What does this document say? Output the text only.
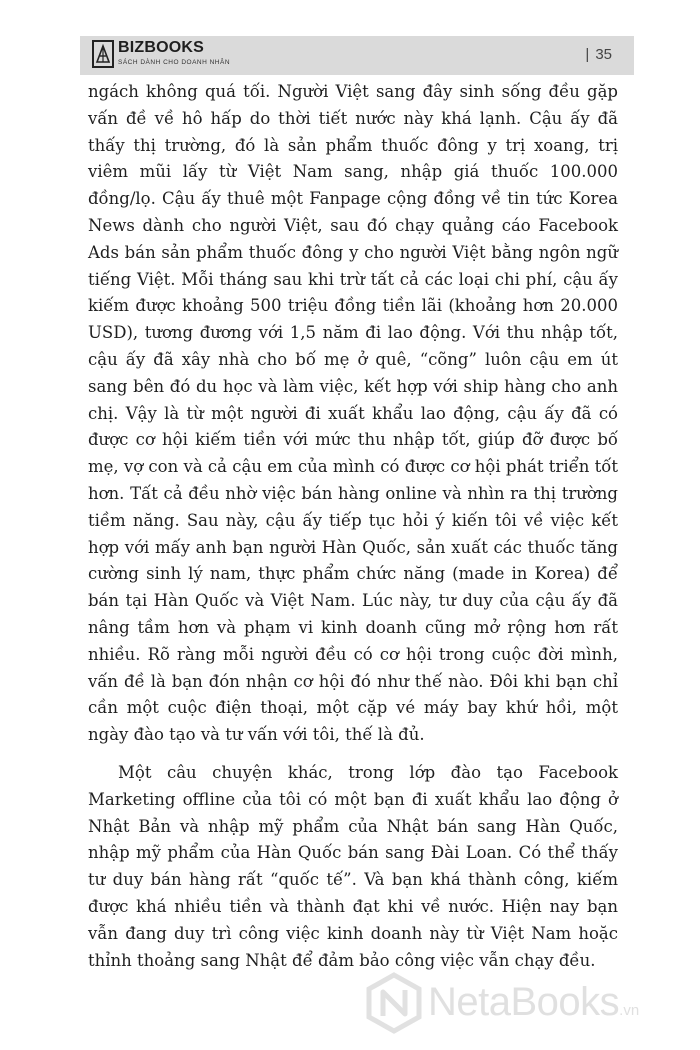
BIZBOOKS
SÁCH DÀNH CHO DOANH NHÂN	| 35

ngách không quá tối. Người Việt sang đây sinh sống đều gặp vấn đề về hô hấp do thời tiết nước này khá lạnh. Cậu ấy đã thấy thị trường, đó là sản phẩm thuốc đông y trị xoang, trị viêm mũi lấy từ Việt Nam sang, nhập giá thuốc 100.000 đồng/lọ. Cậu ấy thuê một Fanpage cộng đồng về tin tức Korea News dành cho người Việt, sau đó chạy quảng cáo Facebook Ads bán sản phẩm thuốc đông y cho người Việt bằng ngôn ngữ tiếng Việt. Mỗi tháng sau khi trừ tất cả các loại chi phí, cậu ấy kiếm được khoảng 500 triệu đồng tiền lãi (khoảng hơn 20.000 USD), tương đương với 1,5 năm đi lao động. Với thu nhập tốt, cậu ấy đã xây nhà cho bố mẹ ở quê, “cõng” luôn cậu em út sang bên đó du học và làm việc, kết hợp với ship hàng cho anh chị. Vậy là từ một người đi xuất khẩu lao động, cậu ấy đã có được cơ hội kiếm tiền với mức thu nhập tốt, giúp đỡ được bố mẹ, vợ con và cả cậu em của mình có được cơ hội phát triển tốt hơn. Tất cả đều nhờ việc bán hàng online và nhìn ra thị trường tiềm năng. Sau này, cậu ấy tiếp tục hỏi ý kiến tôi về việc kết hợp với mấy anh bạn người Hàn Quốc, sản xuất các thuốc tăng cường sinh lý nam, thực phẩm chức năng (made in Korea) để bán tại Hàn Quốc và Việt Nam. Lúc này, tư duy của cậu ấy đã nâng tầm hơn và phạm vi kinh doanh cũng mở rộng hơn rất nhiều. Rõ ràng mỗi người đều có cơ hội trong cuộc đời mình, vấn đề là bạn đón nhận cơ hội đó như thế nào. Đôi khi bạn chỉ cần một cuộc điện thoại, một cặp vé máy bay khứ hồi, một ngày đào tạo và tư vấn với tôi, thế là đủ.

Một câu chuyện khác, trong lớp đào tạo Facebook Marketing offline của tôi có một bạn đi xuất khẩu lao động ở Nhật Bản và nhập mỹ phẩm của Nhật bán sang Hàn Quốc, nhập mỹ phẩm của Hàn Quốc bán sang Đài Loan. Có thể thấy tư duy bán hàng rất “quốc tế”. Và bạn khá thành công, kiếm được khá nhiều tiền và thành đạt khi về nước. Hiện nay bạn vẫn đang duy trì công việc kinh doanh này từ Việt Nam hoặc thỉnh thoảng sang Nhật để đảm bảo công việc vẫn chạy đều.

NetaBooks.vn
